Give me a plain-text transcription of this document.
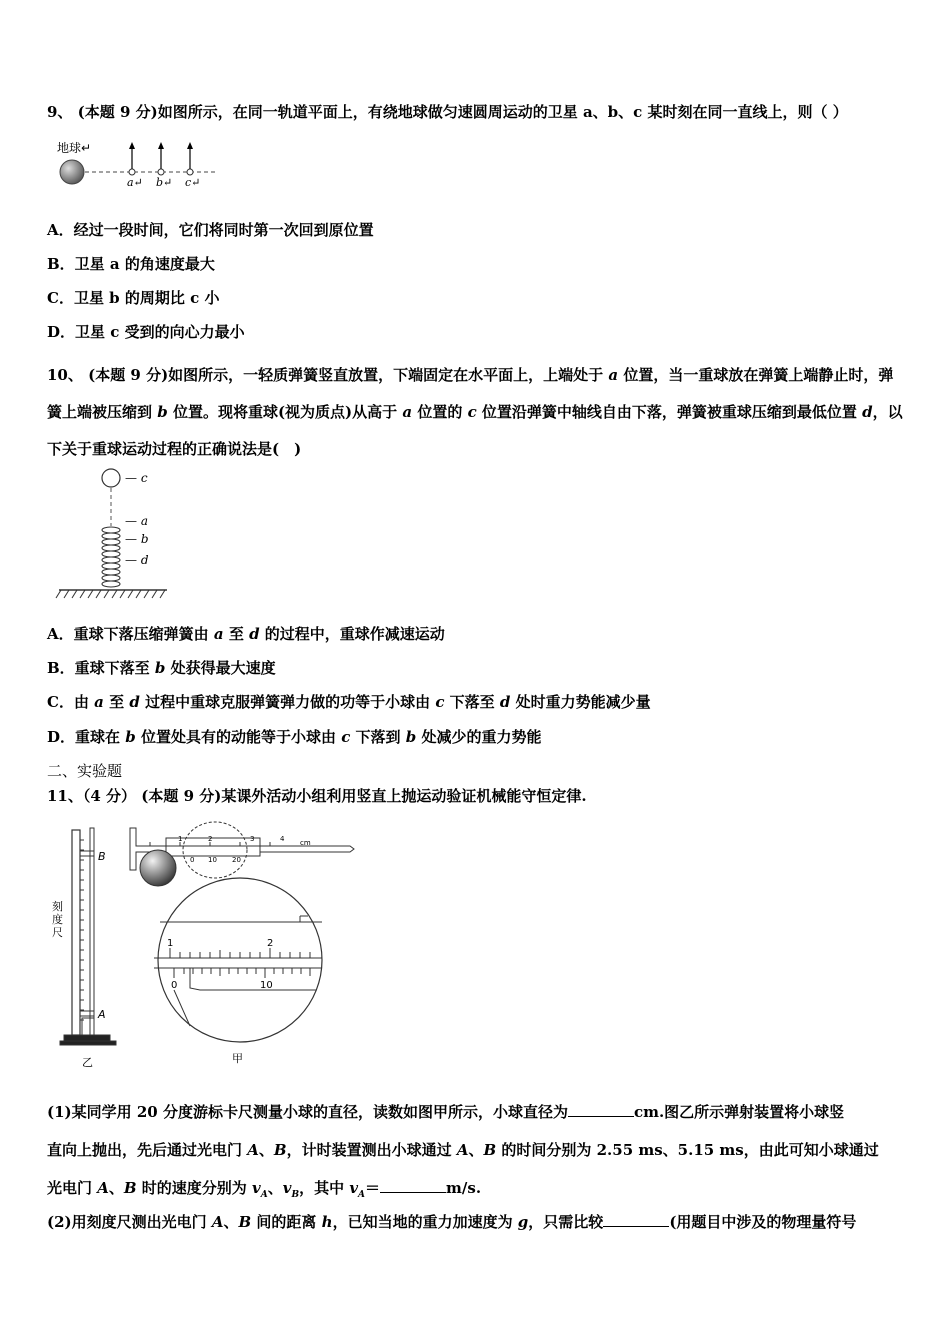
9、 (本题 9 分)如图所示，在同一轨道平面上，有绕地球做匀速圆周运动的卫星 a、b、c 某时刻在同一直线上，则（ ）
地球↵
a↵ b↵ c↵
A．经过一段时间，它们将同时第一次回到原位置
B．卫星 a 的角速度最大
C．卫星 b 的周期比 c 小
D．卫星 c 受到的向心力最小
10、 (本题 9 分)如图所示，一轻质弹簧竖直放置，下端固定在水平面上，上端处于 a 位置，当一重球放在弹簧上端静止时，弹簧上端被压缩到 b 位置。现将重球(视为质点)从高于 a 位置的 c 位置沿弹簧中轴线自由下落，弹簧被重球压缩到最低位置 d，以下关于重球运动过程的正确说法是(　)
— c
— a
— b
— d
A．重球下落压缩弹簧由 a 至 d 的过程中，重球作减速运动
B．重球下落至 b 处获得最大速度
C．由 a 至 d 过程中重球克服弹簧弹力做的功等于小球由 c 下落至 d 处时重力势能减少量
D．重球在 b 位置处具有的动能等于小球由 c 下落到 b 处减少的重力势能
二、实验题
11、（4 分） (本题 9 分)某课外活动小组利用竖直上抛运动验证机械能守恒定律.
B
A
刻度尺
乙
1	2	3	4 cm
0 10 20
1	2
0	10
甲
(1)某同学用 20 分度游标卡尺测量小球的直径，读数如图甲所示，小球直径为	cm.图乙所示弹射装置将小球竖
直向上抛出，先后通过光电门 A、B，计时装置测出小球通过 A、B 的时间分别为 2.55 ms、5.15 ms，由此可知小球通过
光电门 A、B 时的速度分别为 $v_A$、$v_B$，其中 $v_A=$	m/s.
(2)用刻度尺测出光电门 A、B 间的距离 h，已知当地的重力加速度为 g，只需比较	(用题目中涉及的物理量符号
